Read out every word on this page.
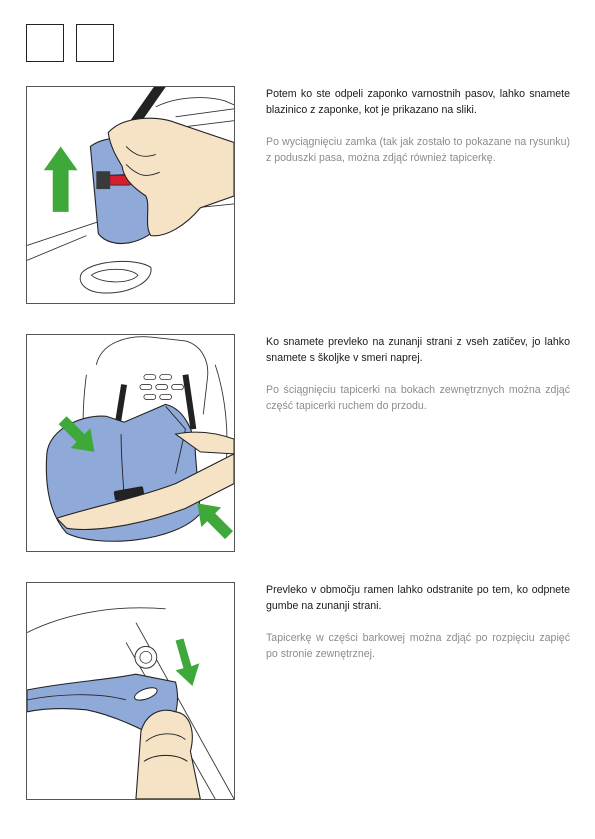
Potem ko ste odpeli zaponko varnostnih pasov, lahko snamete blazinico z zaponke, kot je prikazano na sliki.

Po wyciągnięciu zamka (tak jak zostało to pokazane na rysunku) z poduszki pasa, można zdjąć również tapicerkę.

Ko snamete prevleko na zunanji strani z vseh zatičev, jo lahko snamete s školjke v smeri naprej.

Po ściągnięciu tapicerki na bokach zewnętrznych można zdjąć część tapicerki ruchem do przodu.

Prevleko v območju ramen lahko odstranite po tem, ko odpnete gumbe na zunanji strani.

Tapicerkę w części barkowej można zdjąć po rozpięciu zapięć po stronie zewnętrznej.
